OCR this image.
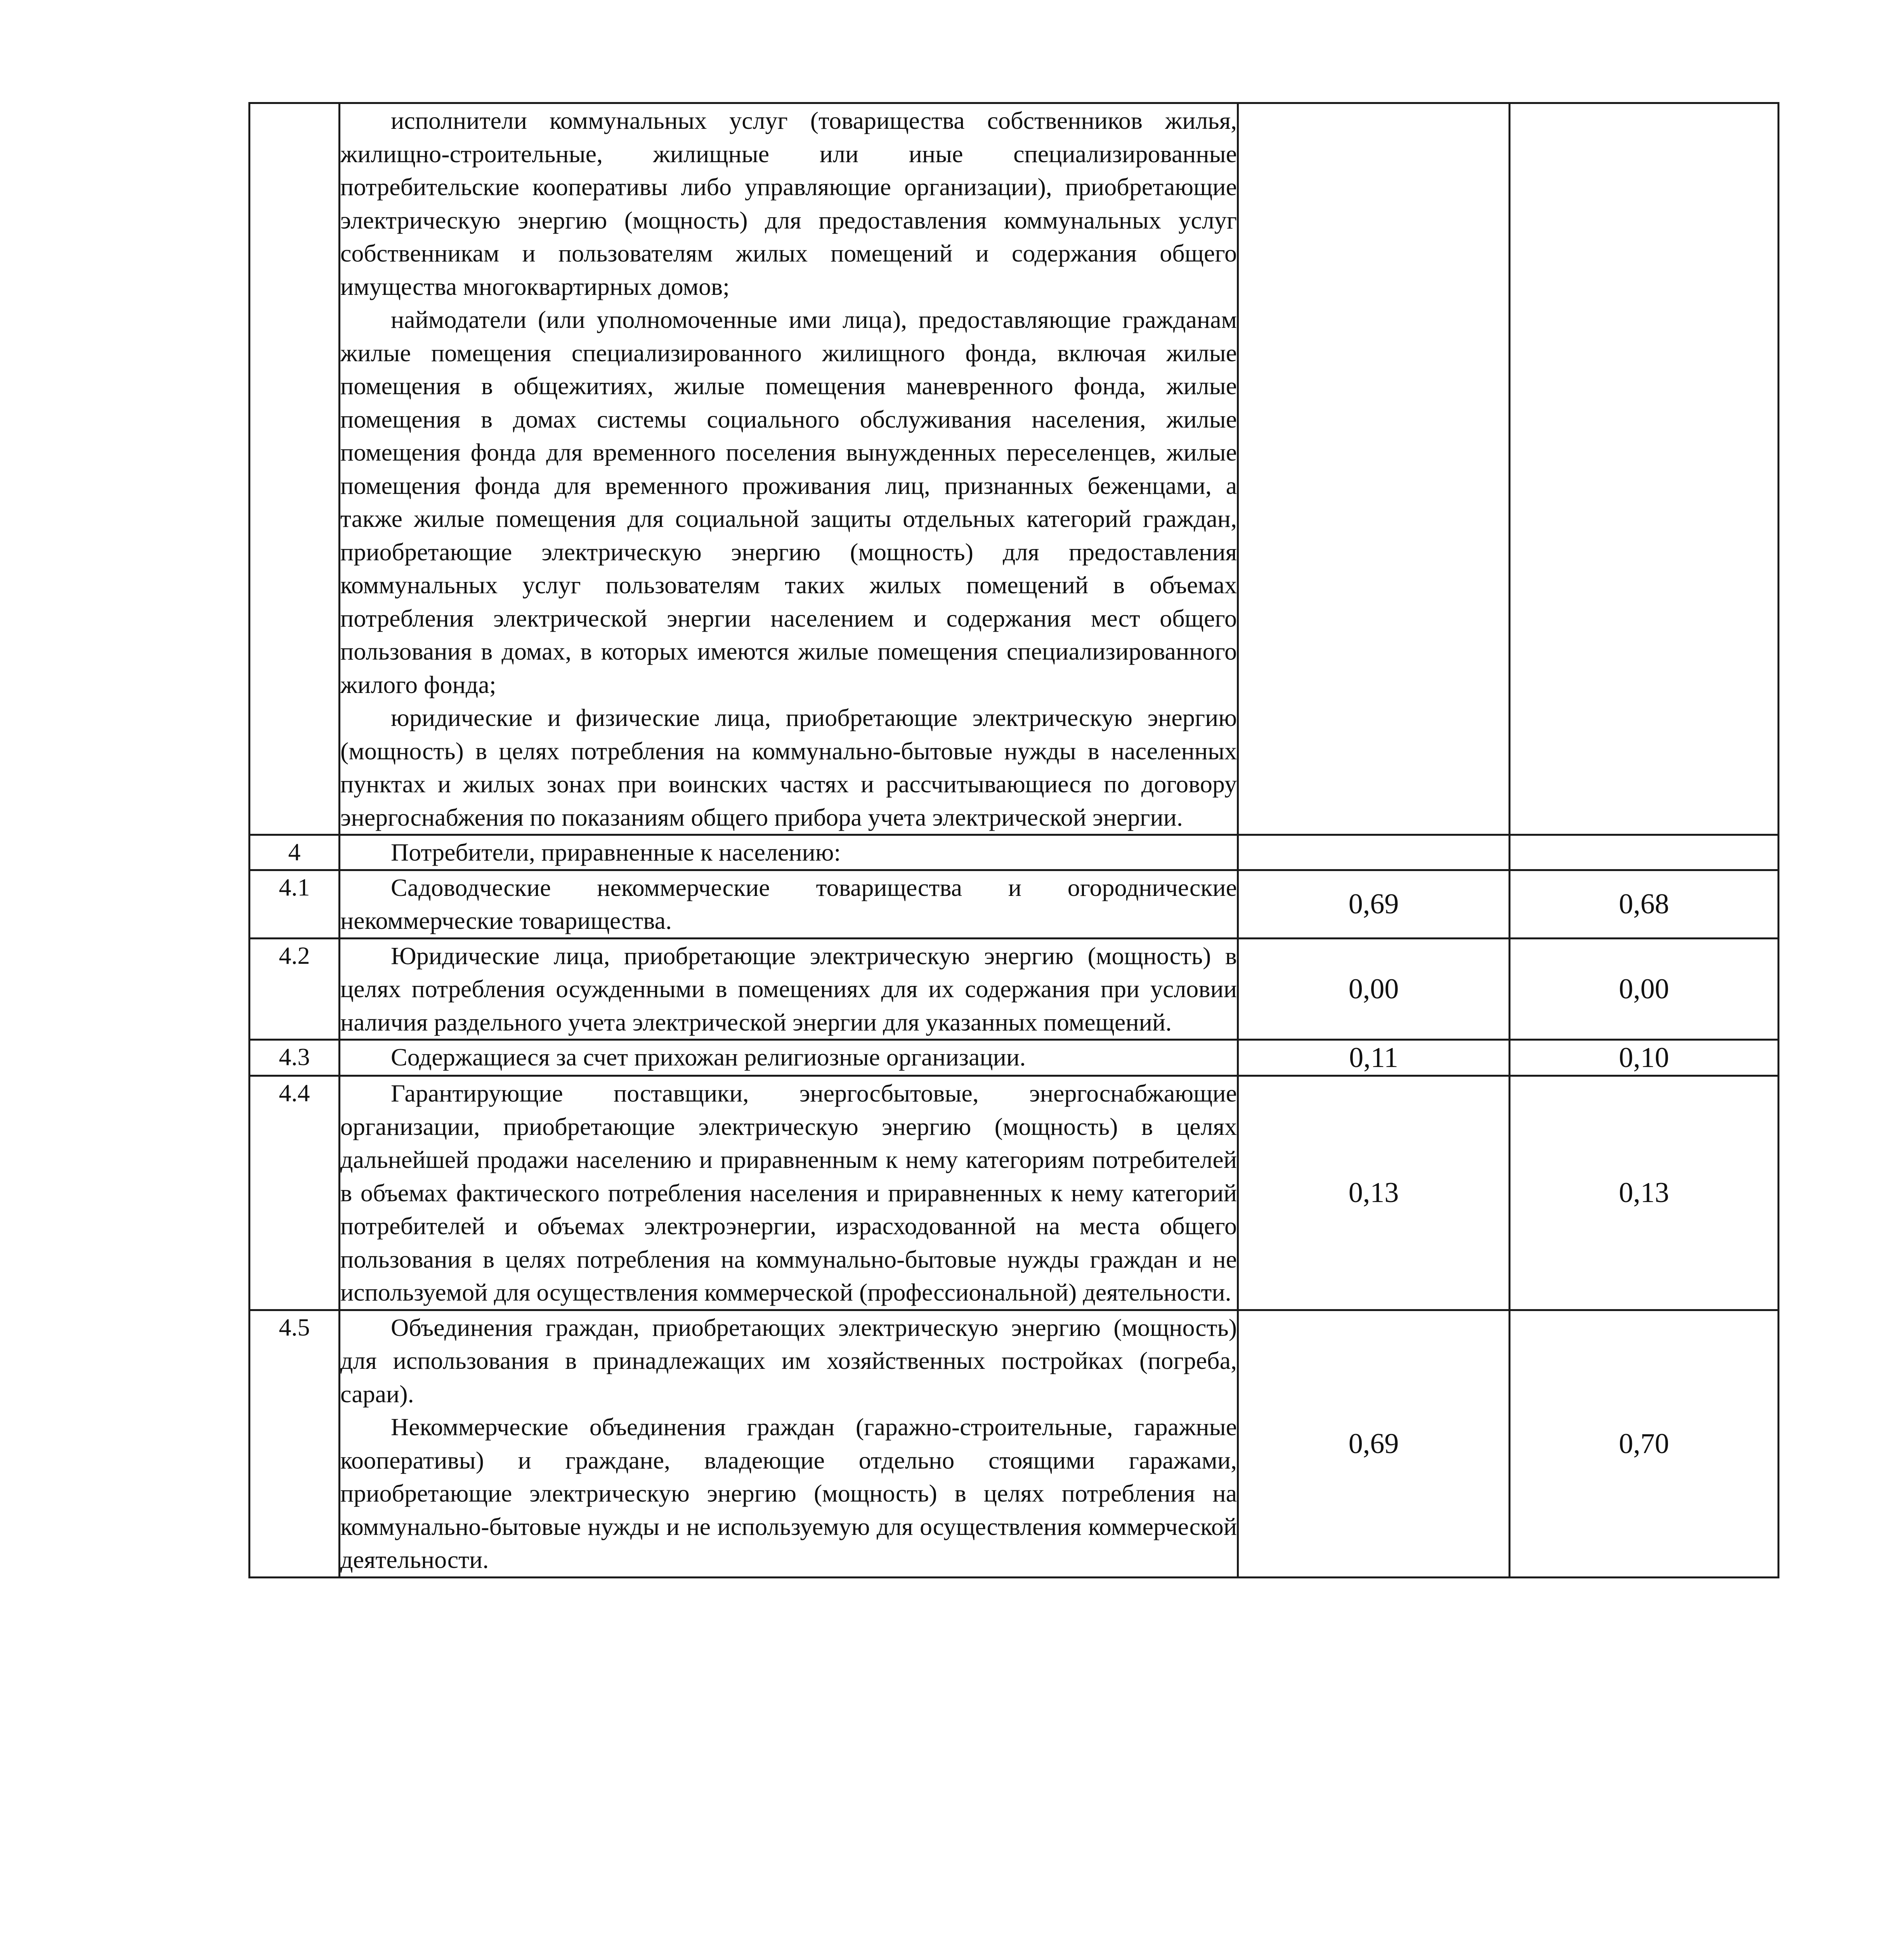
	исполнители коммунальных услуг (товарищества собственников жилья, жилищно-строительные, жилищные или иные специализированные потребительские кооперативы либо управляющие организации), приобретающие электрическую энергию (мощность) для предоставления коммунальных услуг собственникам и пользователям жилых помещений и содержания общего имущества многоквартирных домов;

наймодатели (или уполномоченные ими лица), предоставляющие гражданам жилые помещения специализированного жилищного фонда, включая жилые помещения в общежитиях, жилые помещения маневренного фонда, жилые помещения в домах системы социального обслуживания населения, жилые помещения фонда для временного поселения вынужденных переселенцев, жилые помещения фонда для временного проживания лиц, признанных беженцами, а также жилые помещения для социальной защиты отдельных категорий граждан, приобретающие электрическую энергию (мощность) для предоставления коммунальных услуг пользователям таких жилых помещений в объемах потребления электрической энергии населением и содержания мест общего пользования в домах, в которых имеются жилые помещения специализированного жилого фонда;

юридические и физические лица, приобретающие электрическую энергию (мощность) в целях потребления на коммунально-бытовые нужды в населенных пунктах и жилых зонах при воинских частях и рассчитывающиеся по договору энергоснабжения по показаниям общего прибора учета электрической энергии.		

4	Потребители, приравненные к населению:		

4.1	Садоводческие некоммерческие товарищества и огороднические некоммерческие товарищества.	0,69	0,68
4.2	Юридические лица, приобретающие электрическую энергию (мощность) в целях потребления осужденными в помещениях для их содержания при условии наличия раздельного учета электрической энергии для указанных помещений.	0,00	0,00
4.3	Содержащиеся за счет прихожан религиозные организации.	0,11	0,10
4.4	Гарантирующие поставщики, энергосбытовые, энергоснабжающие организации, приобретающие электрическую энергию (мощность) в целях дальнейшей продажи населению и приравненным к нему категориям потребителей в объемах фактического потребления населения и приравненных к нему категорий потребителей и объемах электроэнергии, израсходованной на места общего пользования в целях потребления на коммунально-бытовые нужды граждан и не используемой для осуществления коммерческой (профессиональной) деятельности.	0,13	0,13
4.5	Объединения граждан, приобретающих электрическую энергию (мощность) для использования в принадлежащих им хозяйственных постройках (погреба, сараи).

Некоммерческие объединения граждан (гаражно-строительные, гаражные кооперативы) и граждане, владеющие отдельно стоящими гаражами, приобретающие электрическую энергию (мощность) в целях потребления на коммунально-бытовые нужды и не используемую для осуществления коммерческой деятельности.	0,69	0,70
